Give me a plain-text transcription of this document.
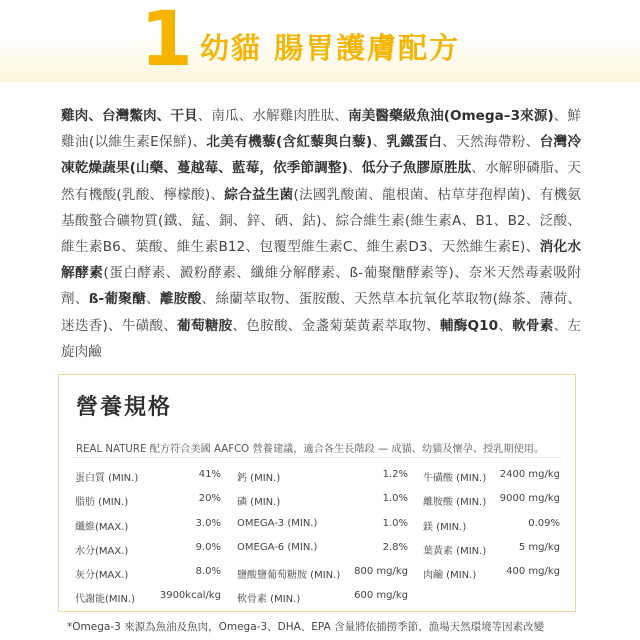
1 幼貓 腸胃護膚配方
雞肉、台灣鱉肉、干貝、南瓜、水解雞肉胜肽、南美醫藥級魚油(Omega–3來源)、鮮雞油(以維生素E保鮮)、北美有機藜(含紅藜與白藜)、乳鐵蛋白、天然海帶粉、台灣冷凍乾燥蔬果(山藥、蔓越莓、藍莓，依季節調整)、低分子魚膠原胜肽、水解卵磷脂、天然有機酸(乳酸、檸檬酸)、綜合益生菌(法國乳酸菌、龍根菌、枯草芽孢桿菌)、有機氨基酸螯合礦物質(鐵、錳、銅、鋅、硒、鈷)、綜合維生素(維生素A、B1、B2、泛酸、維生素B6、葉酸、維生素B12、包覆型維生素C、維生素D3、天然維生素E)、消化水解酵素(蛋白酵素、澱粉酵素、纖維分解酵素、ß-葡聚醣酵素等)、奈米天然毒素吸附劑、ß-葡聚醣、離胺酸、絲蘭萃取物、蛋胺酸、天然草本抗氧化萃取物(綠茶、薄荷、迷迭香)、牛磺酸、葡萄糖胺、色胺酸、金盞菊葉黃素萃取物、輔酶Q10、軟骨素、左旋肉鹼
營養規格
REAL NATURE 配方符合美國 AAFCO 營養建議，適合各生長階段 — 成貓、幼貓及懷孕、授乳期使用。
蛋白質 (MIN.)	41% 鈣 (MIN.)	1.2% 牛磺酸 (MIN.)	2400 mg/kg
脂肪 (MIN.)	20% 磷 (MIN.)	1.0% 離胺酸 (MIN.)	9000 mg/kg
纖維(MAX.)	3.0% OMEGA-3 (MIN.)	1.0% 鎂 (MIN.)	0.09%
水分(MAX.)	9.0% OMEGA-6 (MIN.)	2.8% 葉黃素 (MIN.)	5 mg/kg
灰分(MAX.)	8.0% 鹽酸鹽葡萄糖胺 (MIN.)	800 mg/kg 肉鹼 (MIN.)	400 mg/kg
代謝能(MIN.)	3900kcal/kg 軟骨素 (MIN.)	600 mg/kg
*Omega-3 來源為魚油及魚肉，Omega-3、DHA、EPA 含量將依捕撈季節、漁場天然環境等因素改變
